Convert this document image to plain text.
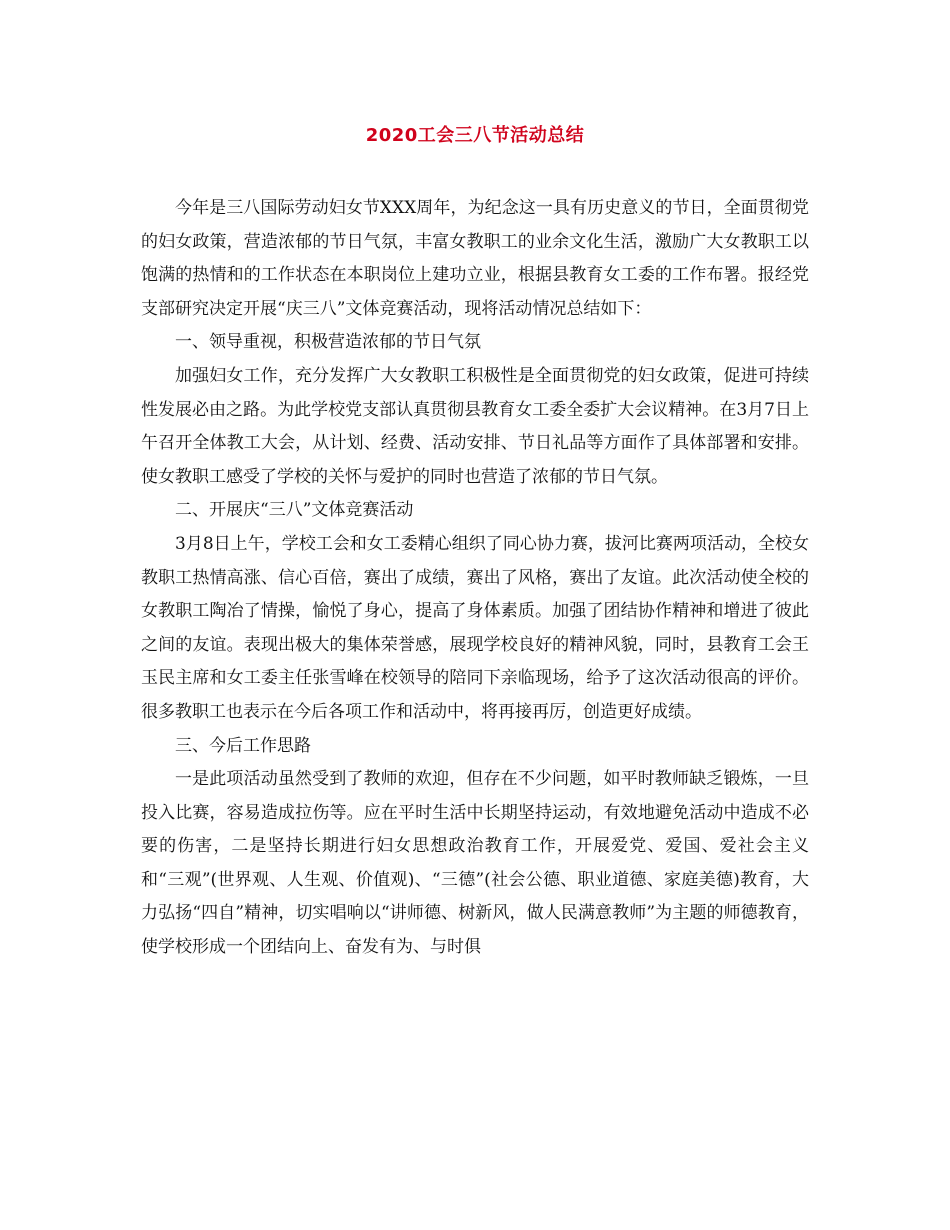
2020工会三八节活动总结

今年是三八国际劳动妇女节XXX周年，为纪念这一具有历史意义的节日，全面贯彻党的妇女政策，营造浓郁的节日气氛，丰富女教职工的业余文化生活，激励广大女教职工以饱满的热情和的工作状态在本职岗位上建功立业，根据县教育女工委的工作布署。报经党支部研究决定开展“庆三八”文体竞赛活动，现将活动情况总结如下：

一、领导重视，积极营造浓郁的节日气氛

加强妇女工作，充分发挥广大女教职工积极性是全面贯彻党的妇女政策，促进可持续性发展必由之路。为此学校党支部认真贯彻县教育女工委全委扩大会议精神。在3月7日上午召开全体教工大会，从计划、经费、活动安排、节日礼品等方面作了具体部署和安排。使女教职工感受了学校的关怀与爱护的同时也营造了浓郁的节日气氛。

二、开展庆“三八”文体竞赛活动

3月8日上午，学校工会和女工委精心组织了同心协力赛，拔河比赛两项活动，全校女教职工热情高涨、信心百倍，赛出了成绩，赛出了风格，赛出了友谊。此次活动使全校的女教职工陶冶了情操，愉悦了身心，提高了身体素质。加强了团结协作精神和增进了彼此之间的友谊。表现出极大的集体荣誉感，展现学校良好的精神风貌，同时，县教育工会王玉民主席和女工委主任张雪峰在校领导的陪同下亲临现场，给予了这次活动很高的评价。很多教职工也表示在今后各项工作和活动中，将再接再厉，创造更好成绩。

三、今后工作思路

一是此项活动虽然受到了教师的欢迎，但存在不少问题，如平时教师缺乏锻炼，一旦投入比赛，容易造成拉伤等。应在平时生活中长期坚持运动，有效地避免活动中造成不必要的伤害，二是坚持长期进行妇女思想政治教育工作，开展爱党、爱国、爱社会主义和“三观”(世界观、人生观、价值观)、“三德”(社会公德、职业道德、家庭美德)教育，大力弘扬“四自”精神，切实唱响以“讲师德、树新风，做人民满意教师”为主题的师德教育，使学校形成一个团结向上、奋发有为、与时俱
